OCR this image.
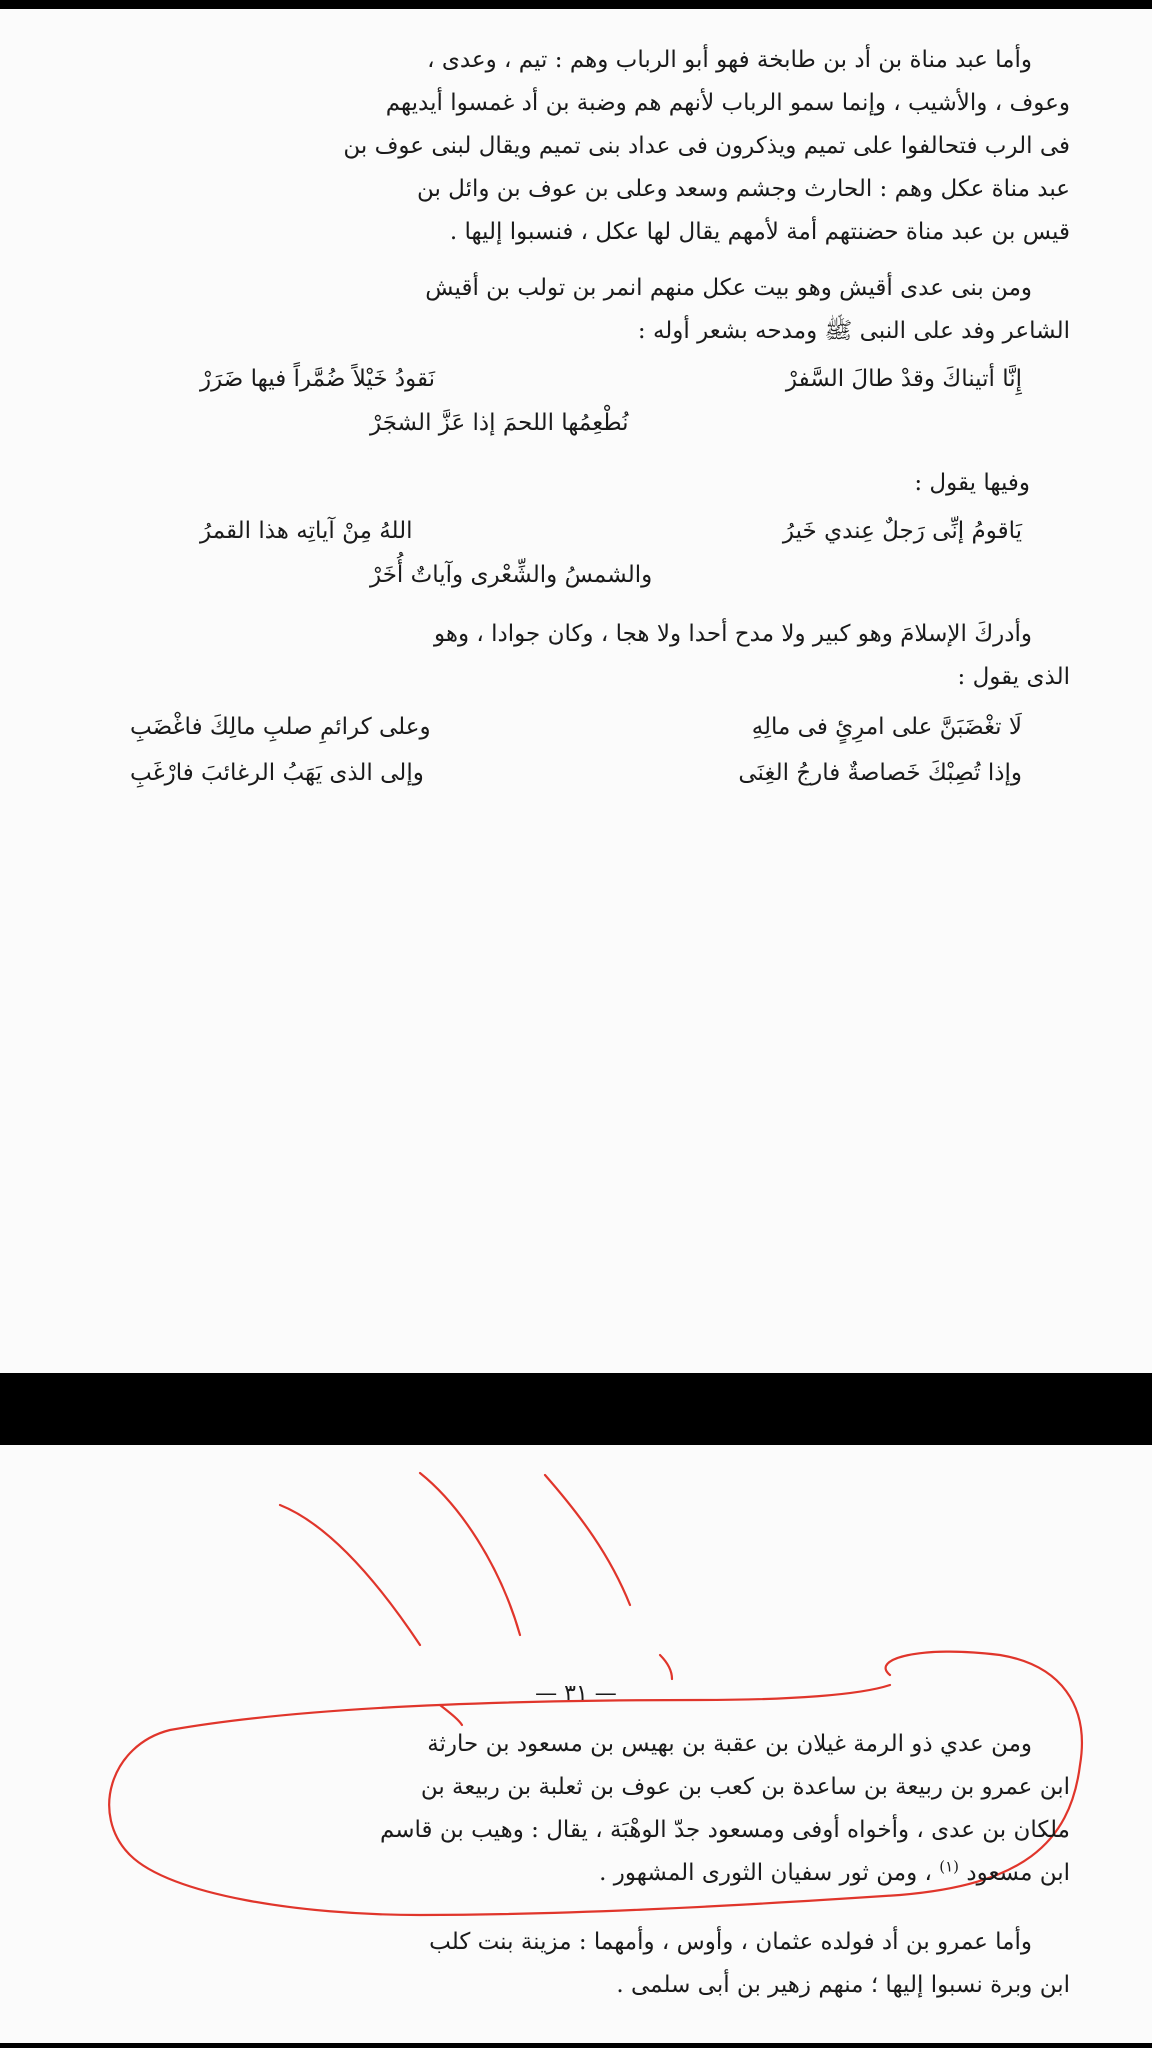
وأما عبد مناة بن أد بن طابخة فهو أبو الرباب وهم : تيم ، وعدى ،

وعوف ، والأشيب ، وإنما سمو الرباب لأنهم هم وضبة بن أد غمسوا أيديهم

فى الرب فتحالفوا على تميم ويذكرون فى عداد بنى تميم ويقال لبنى عوف بن

عبد مناة عكل وهم : الحارث وجشم وسعد وعلى بن عوف بن وائل بن

قيس بن عبد مناة حضنتهم أمة لأمهم يقال لها عكل ، فنسبوا إليها .

ومن بنى عدى أقيش وهو بيت عكل منهم انمر بن تولب بن أقيش

الشاعر وفد على النبى ﷺ ومدحه بشعر أوله :

إِنَّا أتيناكَ وقدْ طالَ السَّفرْ
نَقودُ خَيْلاً ضُمَّراً فيها ضَرَرْ
نُطْعِمُها اللحمَ إذا عَزَّ الشجَرْ
وفيها يقول :
يَاقومُ إنِّى رَجلٌ عِندي خَيرُ
اللهُ مِنْ آياتِه هذا القمرُ
والشمسُ والشِّعْرى وآياتٌ أُخَرْ

وأدركَ الإسلامَ وهو كبير ولا مدح أحدا ولا هجا ، وكان جوادا ، وهو

الذى يقول :

لَا تغْضَبَنَّ على امرِئٍ فى مالِهِ
وعلى كرائمِ صلبِ مالِكَ فاغْضَبِ
وإذا تُصِبْكَ خَصاصةٌ فارجُ الغِنَى
وإلى الذى يَهَبُ الرغائبَ فارْغَبِ
— ٣١ —

ومن عدي ذو الرمة غيلان بن عقبة بن بهيس بن مسعود بن حارثة

ابن عمرو بن ربيعة بن ساعدة بن كعب بن عوف بن ثعلبة بن ربيعة بن

ملكان بن عدى ، وأخواه أوفى ومسعود جدّ الوهْبَة ، يقال : وهيب بن قاسم

ابن مسعود $^{(١)}$ ، ومن ثور سفيان الثورى المشهور .

وأما عمرو بن أد فولده عثمان ، وأوس ، وأمهما : مزينة بنت كلب

ابن وبرة نسبوا إليها ؛ منهم زهير بن أبى سلمى .
